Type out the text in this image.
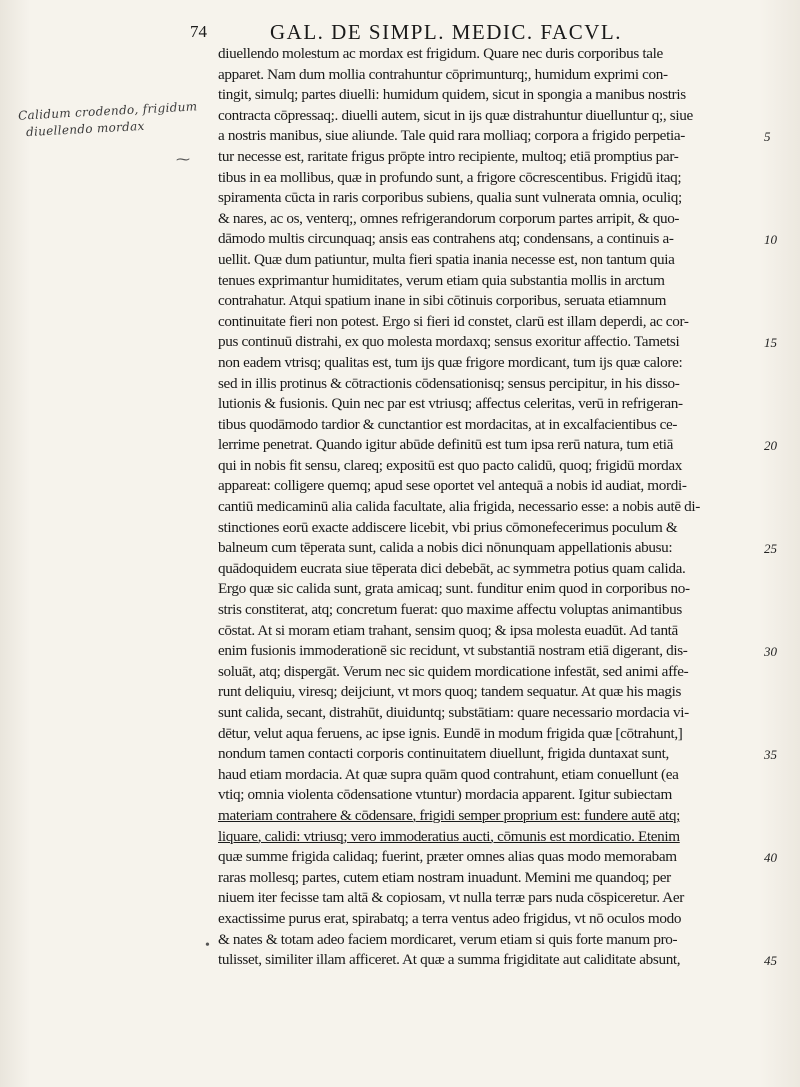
74	GAL. DE SIMPL. MEDIC. FACVL.
Calidum crodendo, frigidum
diuellendo mordax
⁓
•
diuellendo molestum ac mordax est frigidum. Quare nec duris corporibus tale
apparet. Nam dum mollia contrahuntur cōprimunturq;, humidum exprimi con-
tingit, simulq; partes diuelli: humidum quidem, sicut in spongia a manibus nostris
contracta cōpressaq;. diuelli autem, sicut in ijs quæ distrahuntur diuelluntur q;, siue
a nostris manibus, siue aliunde. Tale quid rara molliaq; corpora a frigido perpetia-
tur necesse est, raritate frigus prōpte intro recipiente, multoq; etiā promptius par-
tibus in ea mollibus, quæ in profundo sunt, a frigore cōcrescentibus. Frigidū itaq;
spiramenta cūcta in raris corporibus subiens, qualia sunt vulnerata omnia, oculiq;
& nares, ac os, venterq;, omnes refrigerandorum corporum partes arripit, & quo-
dāmodo multis circunquaq; ansis eas contrahens atq; condensans, a continuis a-
uellit. Quæ dum patiuntur, multa fieri spatia inania necesse est, non tantum quia
tenues exprimantur humiditates, verum etiam quia substantia mollis in arctum
contrahatur. Atqui spatium inane in sibi cōtinuis corporibus, seruata etiamnum
continuitate fieri non potest. Ergo si fieri id constet, clarū est illam deperdi, ac cor-
pus continuū distrahi, ex quo molesta mordaxq; sensus exoritur affectio. Tametsi
non eadem vtrisq; qualitas est, tum ijs quæ frigore mordicant, tum ijs quæ calore:
sed in illis protinus & cōtractionis cōdensationisq; sensus percipitur, in his disso-
lutionis & fusionis. Quin nec par est vtriusq; affectus celeritas, verū in refrigeran-
tibus quodāmodo tardior & cunctantior est mordacitas, at in excalfacientibus ce-
lerrime penetrat. Quando igitur abūde definitū est tum ipsa rerū natura, tum etiā
qui in nobis fit sensu, clareq; expositū est quo pacto calidū, quoq; frigidū mordax
appareat: colligere quemq; apud sese oportet vel antequā a nobis id audiat, mordi-
cantiū medicaminū alia calida facultate, alia frigida, necessario esse: a nobis autē di-
stinctiones eorū exacte addiscere licebit, vbi prius cōmonefecerimus poculum &
balneum cum tēperata sunt, calida a nobis dici nōnunquam appellationis abusu:
quādoquidem eucrata siue tēperata dici debebāt, ac symmetra potius quam calida.
Ergo quæ sic calida sunt, grata amicaq; sunt. funditur enim quod in corporibus no-
stris constiterat, atq; concretum fuerat: quo maxime affectu voluptas animantibus
cōstat. At si moram etiam trahant, sensim quoq; & ipsa molesta euadūt. Ad tantā
enim fusionis immoderationē sic recidunt, vt substantiā nostram etiā digerant, dis-
soluāt, atq; dispergāt. Verum nec sic quidem mordicatione infestāt, sed animi affe-
runt deliquiu, viresq; deijciunt, vt mors quoq; tandem sequatur. At quæ his magis
sunt calida, secant, distrahūt, diuiduntq; substātiam: quare necessario mordacia vi-
dētur, velut aqua feruens, ac ipse ignis. Eundē in modum frigida quæ [cōtrahunt,]
nondum tamen contacti corporis continuitatem diuellunt, frigida duntaxat sunt,
haud etiam mordacia. At quæ supra quām quod contrahunt, etiam conuellunt (ea
vtiq; omnia violenta cōdensatione vtuntur) mordacia apparent. Igitur subiectam
materiam contrahere & cōdensare, frigidi semper proprium est: fundere autē atq;
liquare, calidi: vtriusq; vero immoderatius aucti, cōmunis est mordicatio. Etenim
quæ summe frigida calidaq; fuerint, præter omnes alias quas modo memorabam
raras mollesq; partes, cutem etiam nostram inuadunt. Memini me quandoq; per
niuem iter fecisse tam altā & copiosam, vt nulla terræ pars nuda cōspiceretur. Aer
exactissime purus erat, spirabatq; a terra ventus adeo frigidus, vt nō oculos modo
& nates & totam adeo faciem mordicaret, verum etiam si quis forte manum pro-
tulisset, similiter illam afficeret. At quæ a summa frigiditate aut caliditate absunt,
5
10
15
20
25
30
35
40
45
